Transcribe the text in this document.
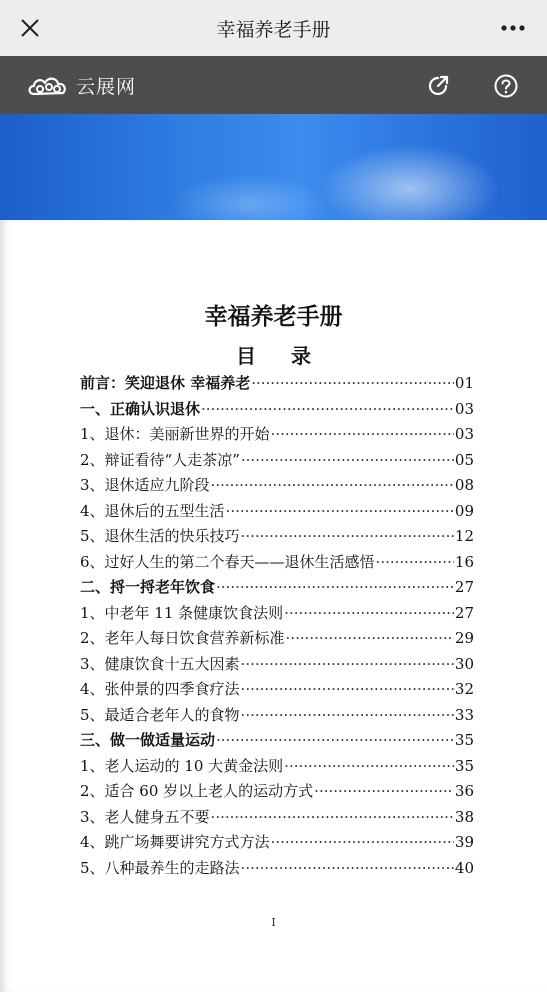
幸福养老手册
云展网
幸福养老手册
目 录
前言：笑迎退休 幸福养老 ·····	01
一、正确认识退休 ·····	03
1、退休：美丽新世界的开始 ·····	03
2、辩证看待“人走茶凉” ·····	05
3、退休适应九阶段 ·····	08
4、退休后的五型生活 ·····	09
5、退休生活的快乐技巧 ·····	12
6、过好人生的第二个春天——退休生活感悟 ·····	16
二、捋一捋老年饮食 ·····	27
1、中老年 11 条健康饮食法则 ·····	27
2、老年人每日饮食营养新标准 ·····	29
3、健康饮食十五大因素 ·····	30
4、张仲景的四季食疗法 ·····	32
5、最适合老年人的食物 ·····	33
三、做一做适量运动 ·····	35
1、老人运动的 10 大黄金法则 ·····	35
2、适合 60 岁以上老人的运动方式 ·····	36
3、老人健身五不要 ·····	38
4、跳广场舞要讲究方式方法 ·····	39
5、八种最养生的走路法 ·····	40
I
